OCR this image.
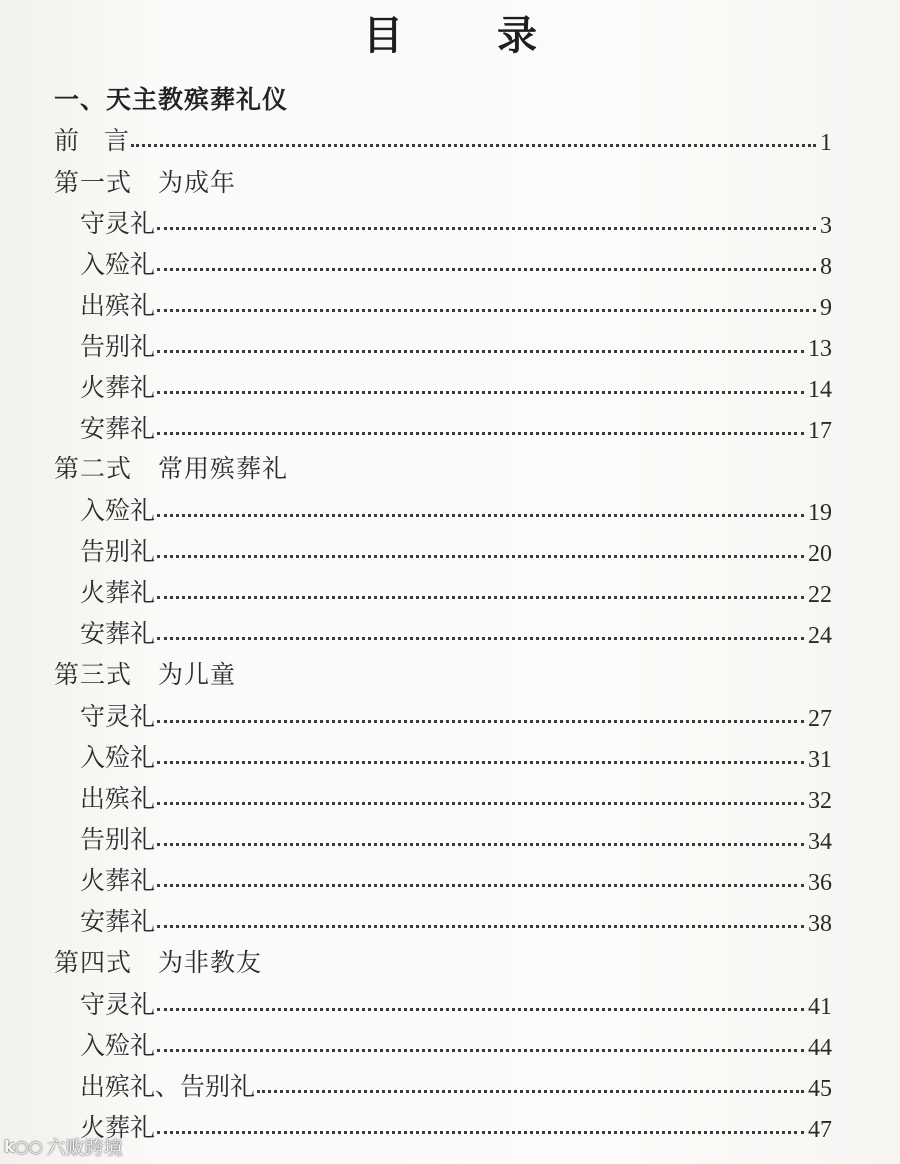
目 录
一、天主教殡葬礼仪
前　言	1
第一式　为成年
守灵礼	3
入殓礼	8
出殡礼	9
告别礼	13
火葬礼	14
安葬礼	17
第二式　常用殡葬礼
入殓礼	19
告别礼	20
火葬礼	22
安葬礼	24
第三式　为儿童
守灵礼	27
入殓礼	31
出殡礼	32
告别礼	34
火葬礼	36
安葬礼	38
第四式　为非教友
守灵礼	41
入殓礼	44
出殡礼、告别礼	45
火葬礼	47
k○○ 六败跨境
